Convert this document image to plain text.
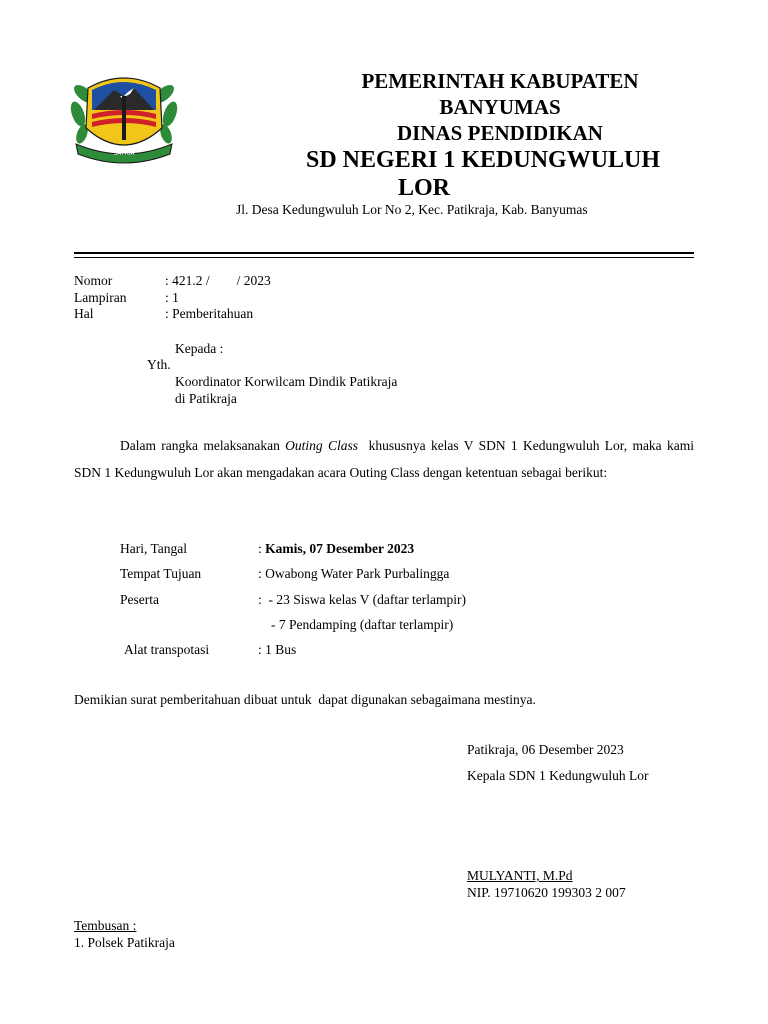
SATRIA
PEMERINTAH KABUPATEN
BANYUMAS
DINAS PENDIDIKAN
SD NEGERI 1 KEDUNGWULUH
LOR
Jl. Desa Kedungwuluh Lor No 2, Kec. Patikraja, Kab. Banyumas
Nomor	: 421.2 /        / 2023
Lampiran	: 1
Hal	: Pemberitahuan
Kepada :
Yth.
Koordinator Korwilcam Dindik Patikraja
di Patikraja
Dalam rangka melaksanakan Outing Class  khususnya kelas V SDN 1 Kedungwuluh Lor, maka kami SDN 1 Kedungwuluh Lor akan mengadakan acara Outing Class dengan ketentuan sebagai berikut:
Hari, Tangal	: Kamis, 07 Desember 2023
Tempat Tujuan	: Owabong Water Park Purbalingga
Peserta	:  - 23 Siswa kelas V (daftar terlampir)
- 7 Pendamping (daftar terlampir)
Alat transpotasi	: 1 Bus
Demikian surat pemberitahuan dibuat untuk  dapat digunakan sebagaimana mestinya.
Patikraja, 06 Desember 2023
Kepala SDN 1 Kedungwuluh Lor
MULYANTI, M.Pd
NIP. 19710620 199303 2 007
Tembusan :
1. Polsek Patikraja
